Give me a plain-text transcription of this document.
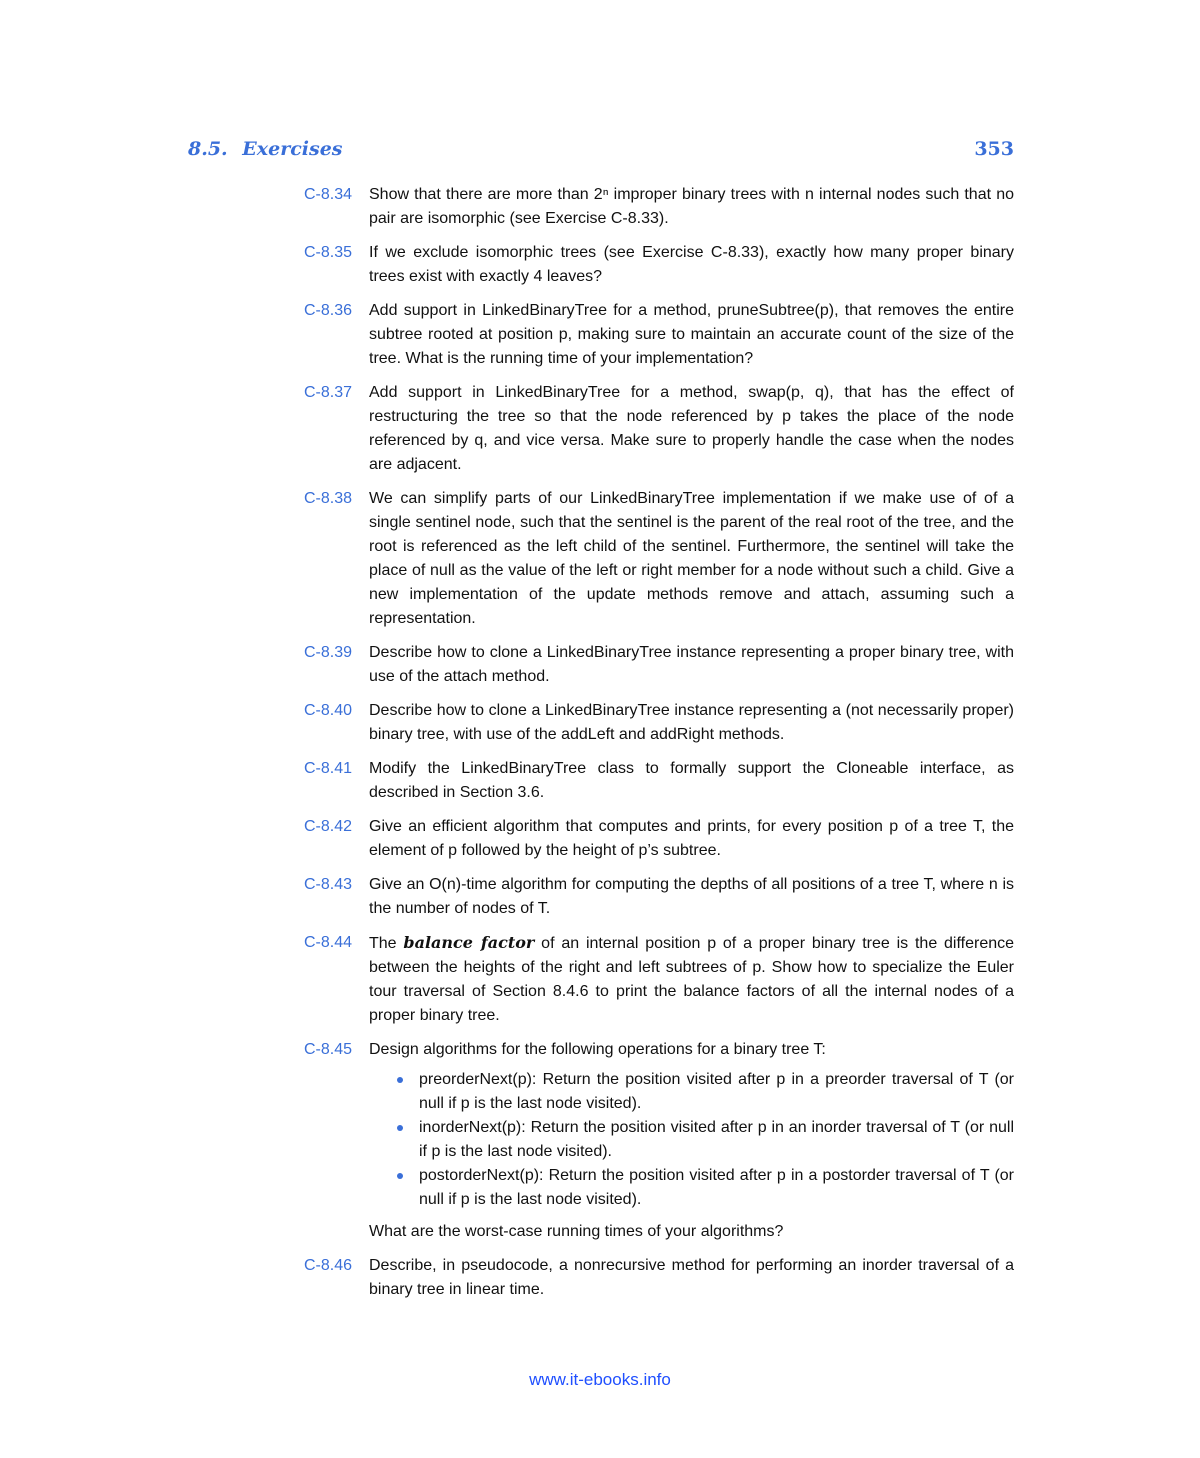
8.5. Exercises	353
C-8.34 Show that there are more than 2ⁿ improper binary trees with n internal nodes such that no pair are isomorphic (see Exercise C-8.33).
C-8.35 If we exclude isomorphic trees (see Exercise C-8.33), exactly how many proper binary trees exist with exactly 4 leaves?
C-8.36 Add support in LinkedBinaryTree for a method, pruneSubtree(p), that removes the entire subtree rooted at position p, making sure to maintain an accurate count of the size of the tree. What is the running time of your implementation?
C-8.37 Add support in LinkedBinaryTree for a method, swap(p, q), that has the effect of restructuring the tree so that the node referenced by p takes the place of the node referenced by q, and vice versa. Make sure to properly handle the case when the nodes are adjacent.
C-8.38 We can simplify parts of our LinkedBinaryTree implementation if we make use of of a single sentinel node, such that the sentinel is the parent of the real root of the tree, and the root is referenced as the left child of the sentinel. Furthermore, the sentinel will take the place of null as the value of the left or right member for a node without such a child. Give a new implementation of the update methods remove and attach, assuming such a representation.
C-8.39 Describe how to clone a LinkedBinaryTree instance representing a proper binary tree, with use of the attach method.
C-8.40 Describe how to clone a LinkedBinaryTree instance representing a (not necessarily proper) binary tree, with use of the addLeft and addRight methods.
C-8.41 Modify the LinkedBinaryTree class to formally support the Cloneable interface, as described in Section 3.6.
C-8.42 Give an efficient algorithm that computes and prints, for every position p of a tree T, the element of p followed by the height of p’s subtree.
C-8.43 Give an O(n)-time algorithm for computing the depths of all positions of a tree T, where n is the number of nodes of T.
C-8.44 The balance factor of an internal position p of a proper binary tree is the difference between the heights of the right and left subtrees of p. Show how to specialize the Euler tour traversal of Section 8.4.6 to print the balance factors of all the internal nodes of a proper binary tree.
C-8.45 Design algorithms for the following operations for a binary tree T:
preorderNext(p): Return the position visited after p in a preorder traversal of T (or null if p is the last node visited).
inorderNext(p): Return the position visited after p in an inorder traversal of T (or null if p is the last node visited).
postorderNext(p): Return the position visited after p in a postorder traversal of T (or null if p is the last node visited).
What are the worst-case running times of your algorithms?
C-8.46 Describe, in pseudocode, a nonrecursive method for performing an inorder traversal of a binary tree in linear time.
www.it-ebooks.info
